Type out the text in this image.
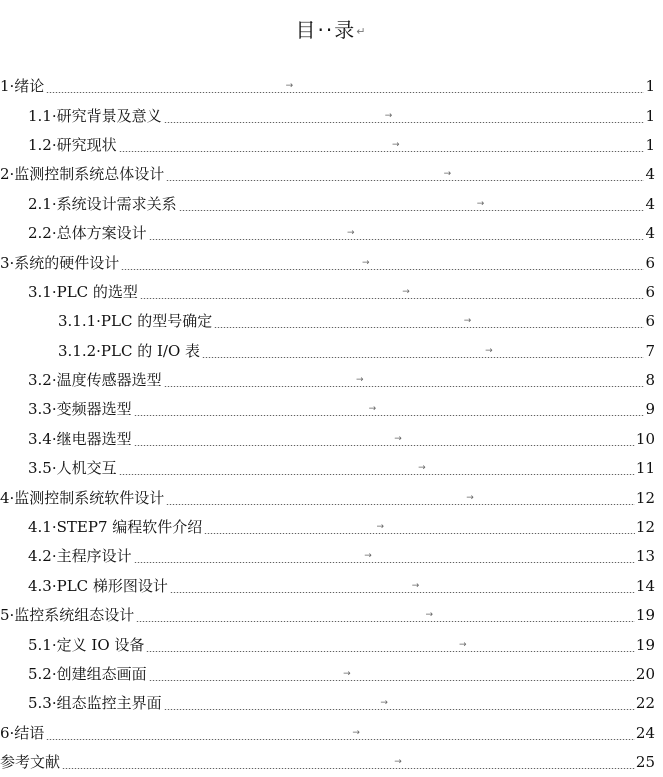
目··录↵
1·绪论	→	1
1.1·研究背景及意义	→	1
1.2·研究现状	→	1
2·监测控制系统总体设计	→	4
2.1·系统设计需求关系	→	4
2.2·总体方案设计	→	4
3·系统的硬件设计	→	6
3.1·PLC 的选型	→	6
3.1.1·PLC 的型号确定	→	6
3.1.2·PLC 的 I/O 表	→	7
3.2·温度传感器选型	→	8
3.3·变频器选型	→	9
3.4·继电器选型	→	10
3.5·人机交互	→	11
4·监测控制系统软件设计	→	12
4.1·STEP7 编程软件介绍	→	12
4.2·主程序设计	→	13
4.3·PLC 梯形图设计	→	14
5·监控系统组态设计	→	19
5.1·定义 IO 设备	→	19
5.2·创建组态画面	→	20
5.3·组态监控主界面	→	22
6·结语	→	24
参考文献	→	25
